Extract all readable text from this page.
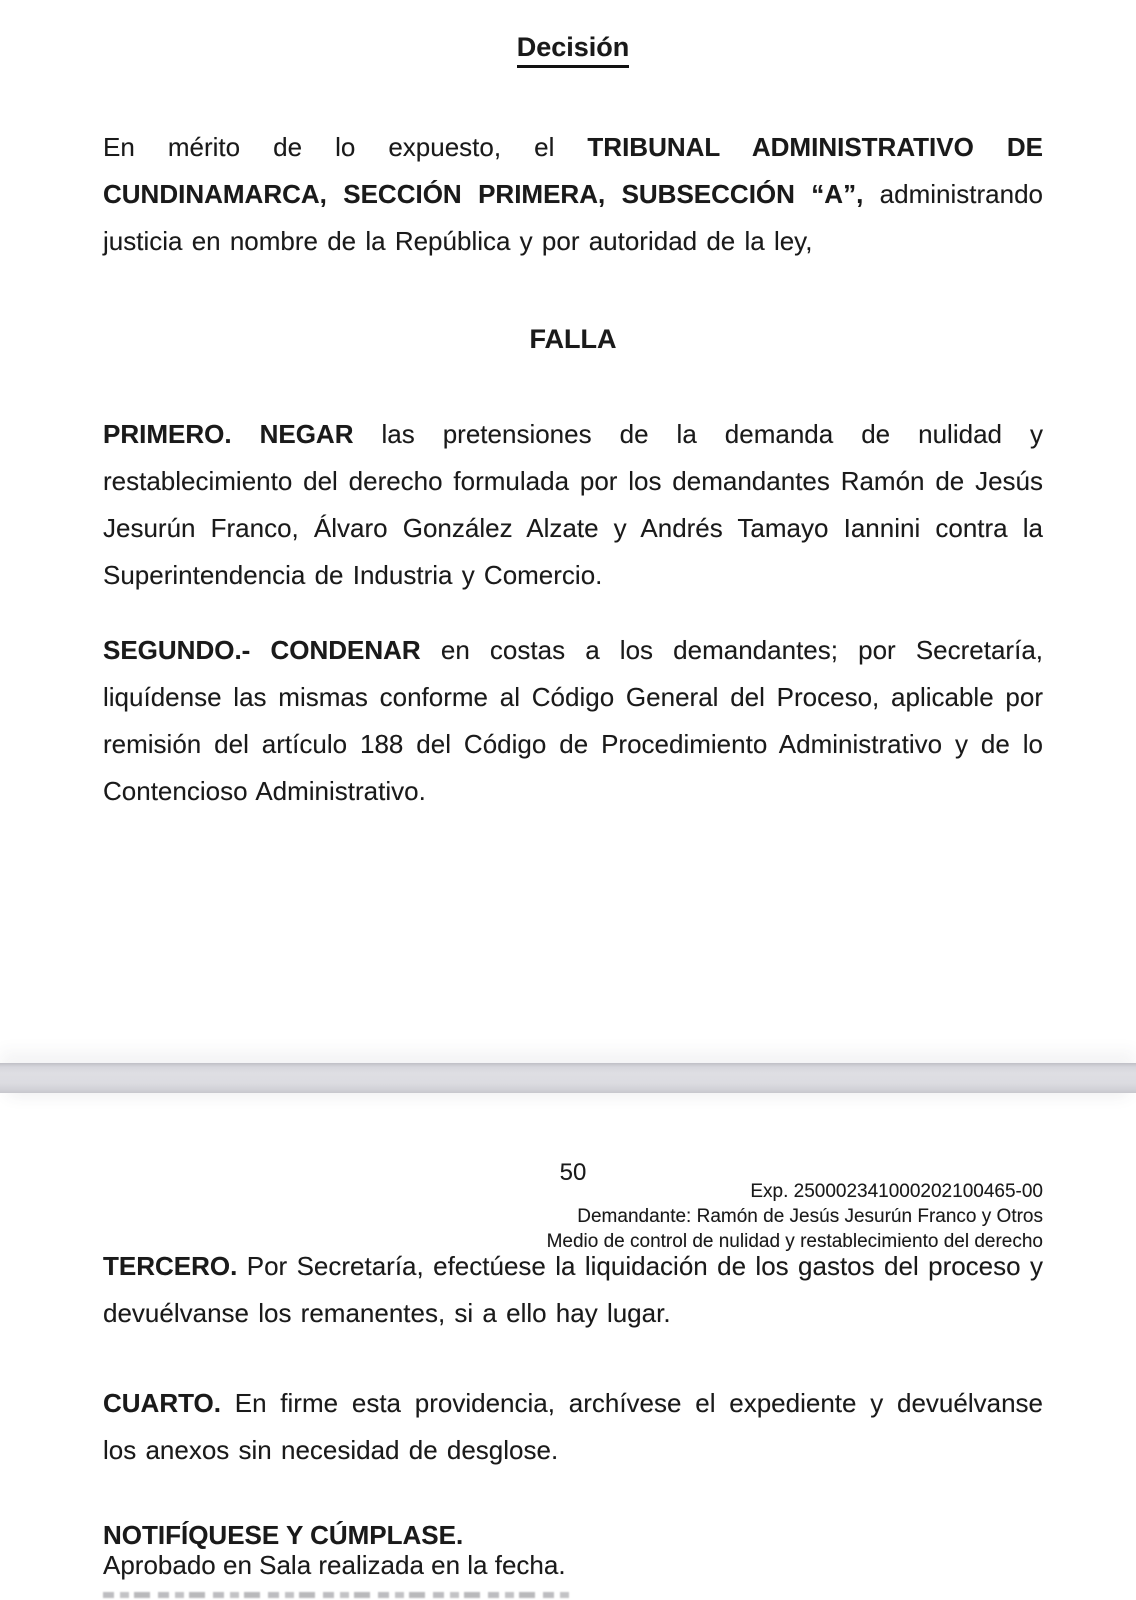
Decisión

En mérito de lo expuesto, el TRIBUNAL ADMINISTRATIVO DE CUNDINAMARCA, SECCIÓN PRIMERA, SUBSECCIÓN “A”, administrando justicia en nombre de la República y por autoridad de la ley,

FALLA

PRIMERO. NEGAR las pretensiones de la demanda de nulidad y restablecimiento del derecho formulada por los demandantes Ramón de Jesús Jesurún Franco, Álvaro González Alzate y Andrés Tamayo Iannini contra la Superintendencia de Industria y Comercio.

SEGUNDO.- CONDENAR en costas a los demandantes; por Secretaría, liquídense las mismas conforme al Código General del Proceso, aplicable por remisión del artículo 188 del Código de Procedimiento Administrativo y de lo Contencioso Administrativo.

50
Exp. 250002341000202100465-00
Demandante: Ramón de Jesús Jesurún Franco y Otros
Medio de control de nulidad y restablecimiento del derecho

TERCERO. Por Secretaría, efectúese la liquidación de los gastos del proceso y devuélvanse los remanentes, si a ello hay lugar.

CUARTO. En firme esta providencia, archívese el expediente y devuélvanse los anexos sin necesidad de desglose.

NOTIFÍQUESE Y CÚMPLASE.

Aprobado en Sala realizada en la fecha.
